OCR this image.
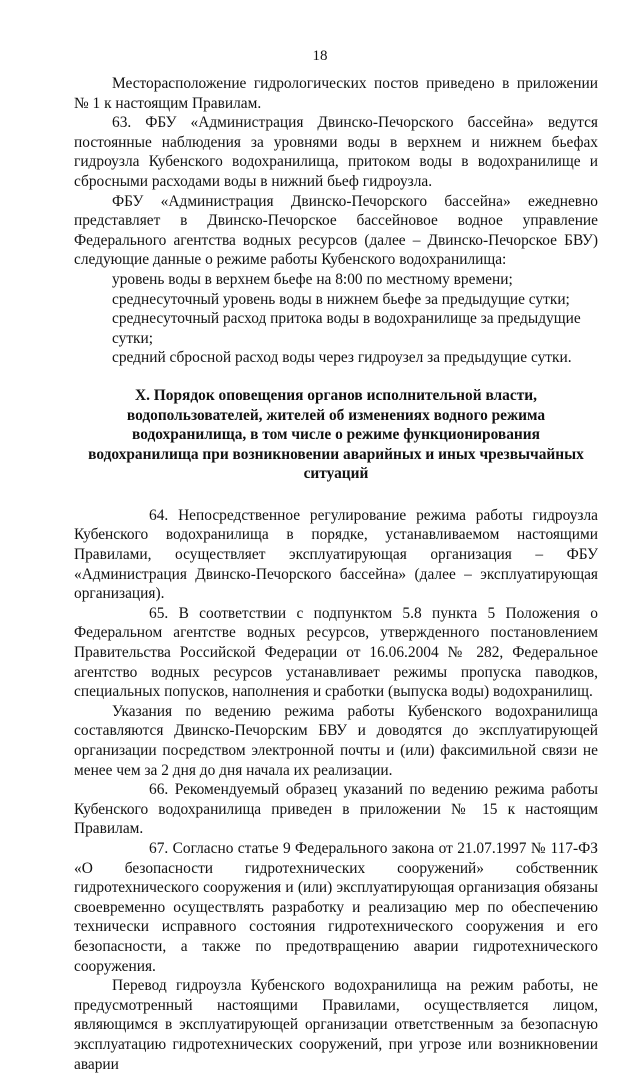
18

Месторасположение гидрологических постов приведено в приложении № 1 к настоящим Правилам.

63. ФБУ «Администрация Двинско-Печорского бассейна» ведутся постоянные наблюдения за уровнями воды в верхнем и нижнем бьефах гидроузла Кубенского водохранилища, притоком воды в водохранилище и сбросными расходами воды в нижний бьеф гидроузла.

ФБУ «Администрация Двинско-Печорского бассейна» ежедневно представляет в Двинско-Печорское бассейновое водное управление Федерального агентства водных ресурсов (далее – Двинско-Печорское БВУ) следующие данные о режиме работы Кубенского водохранилища:

уровень воды в верхнем бьефе на 8:00 по местному времени;

среднесуточный уровень воды в нижнем бьефе за предыдущие сутки;

среднесуточный расход притока воды в водохранилище за предыдущие сутки;

средний сбросной расход воды через гидроузел за предыдущие сутки.

X. Порядок оповещения органов исполнительной власти, водопользователей, жителей об изменениях водного режима водохранилища, в том числе о режиме функционирования водохранилища при возникновении аварийных и иных чрезвычайных ситуаций

64. Непосредственное регулирование режима работы гидроузла Кубенского водохранилища в порядке, устанавливаемом настоящими Правилами, осуществляет эксплуатирующая организация – ФБУ «Администрация Двинско-Печорского бассейна» (далее – эксплуатирующая организация).

65. В соответствии с подпунктом 5.8 пункта 5 Положения о Федеральном агентстве водных ресурсов, утвержденного постановлением Правительства Российской Федерации от 16.06.2004 № 282, Федеральное агентство водных ресурсов устанавливает режимы пропуска паводков, специальных попусков, наполнения и сработки (выпуска воды) водохранилищ.

Указания по ведению режима работы Кубенского водохранилища составляются Двинско-Печорским БВУ и доводятся до эксплуатирующей организации посредством электронной почты и (или) факсимильной связи не менее чем за 2 дня до дня начала их реализации.

66. Рекомендуемый образец указаний по ведению режима работы Кубенского водохранилища приведен в приложении № 15 к настоящим Правилам.

67. Согласно статье 9 Федерального закона от 21.07.1997 № 117-ФЗ «О безопасности гидротехнических сооружений» собственник гидротехнического сооружения и (или) эксплуатирующая организация обязаны своевременно осуществлять разработку и реализацию мер по обеспечению технически исправного состояния гидротехнического сооружения и его безопасности, а также по предотвращению аварии гидротехнического сооружения.

Перевод гидроузла Кубенского водохранилища на режим работы, не предусмотренный настоящими Правилами, осуществляется лицом, являющимся в эксплуатирующей организации ответственным за безопасную эксплуатацию гидротехнических сооружений, при угрозе или возникновении аварии
